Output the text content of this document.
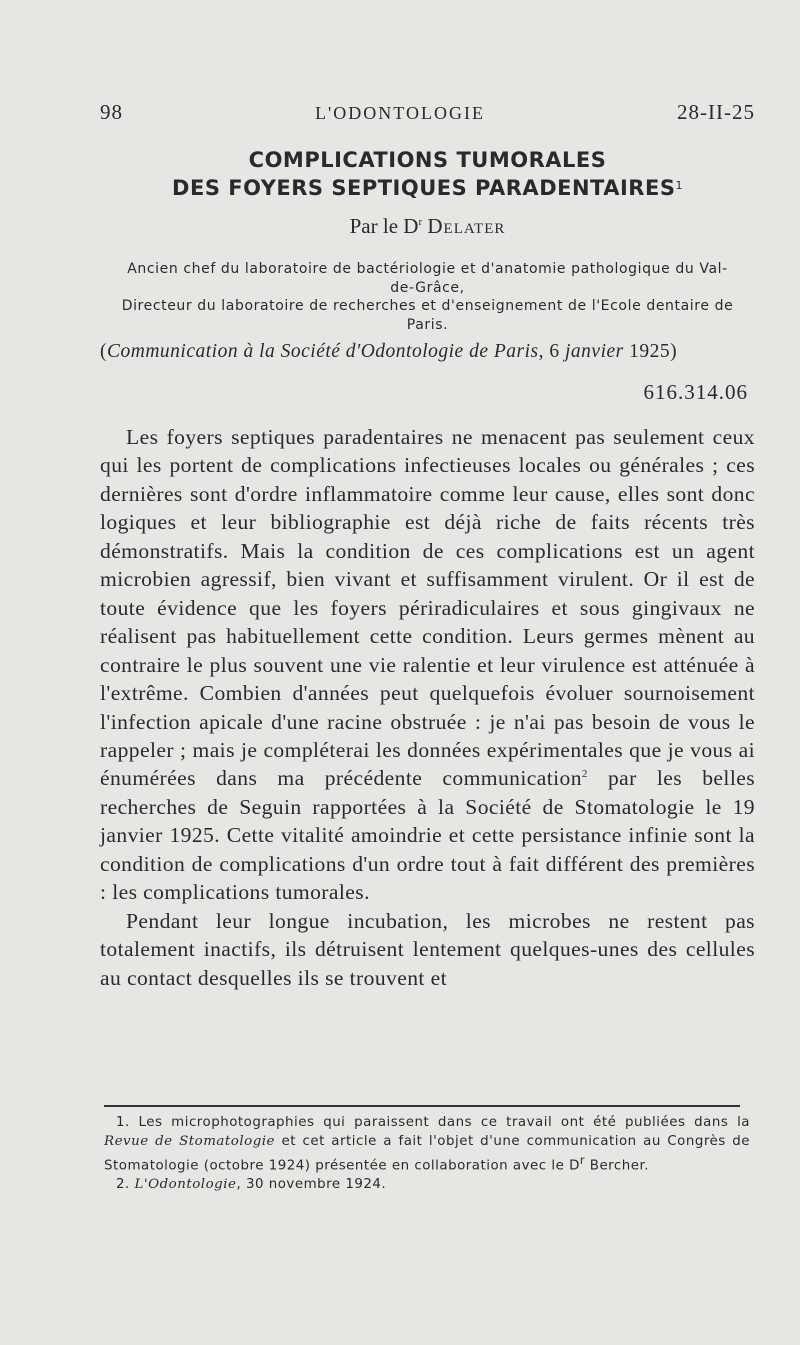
98	L'ODONTOLOGIE	28-II-25
COMPLICATIONS TUMORALES
DES FOYERS SEPTIQUES PARADENTAIRES$^1$
Par le $D^r$ Delater
Ancien chef du laboratoire de bactériologie et d'anatomie pathologique du Val-de-Grâce,
Directeur du laboratoire de recherches et d'enseignement de l'Ecole dentaire de Paris.
(Communication à la Société d'Odontologie de Paris, 6 janvier 1925)
616.314.06

Les foyers septiques paradentaires ne menacent pas seulement ceux qui les portent de complications infectieuses locales ou générales ; ces dernières sont d'ordre inflammatoire comme leur cause, elles sont donc logiques et leur bibliographie est déjà riche de faits récents très démonstratifs. Mais la condition de ces complications est un agent microbien agressif, bien vivant et suffisamment virulent. Or il est de toute évidence que les foyers périradiculaires et sous gingivaux ne réalisent pas habituellement cette condition. Leurs germes mènent au contraire le plus souvent une vie ralentie et leur virulence est atténuée à l'extrême. Combien d'années peut quelquefois évoluer sournoisement l'infection apicale d'une racine obstruée : je n'ai pas besoin de vous le rappeler ; mais je compléterai les données expérimentales que je vous ai énumérées dans ma précédente communication$^2$ par les belles recherches de Seguin rapportées à la Société de Stomatologie le 19 janvier 1925. Cette vitalité amoindrie et cette persistance infinie sont la condition de complications d'un ordre tout à fait différent des premières : les complications tumorales.

Pendant leur longue incubation, les microbes ne restent pas totalement inactifs, ils détruisent lentement quelques-unes des cellules au contact desquelles ils se trouvent et

1. Les microphotographies qui paraissent dans ce travail ont été publiées dans la Revue de Stomatologie et cet article a fait l'objet d'une communication au Congrès de Stomatologie (octobre 1924) présentée en collaboration avec le $D^r$ Bercher.

2. L'Odontologie, 30 novembre 1924.
